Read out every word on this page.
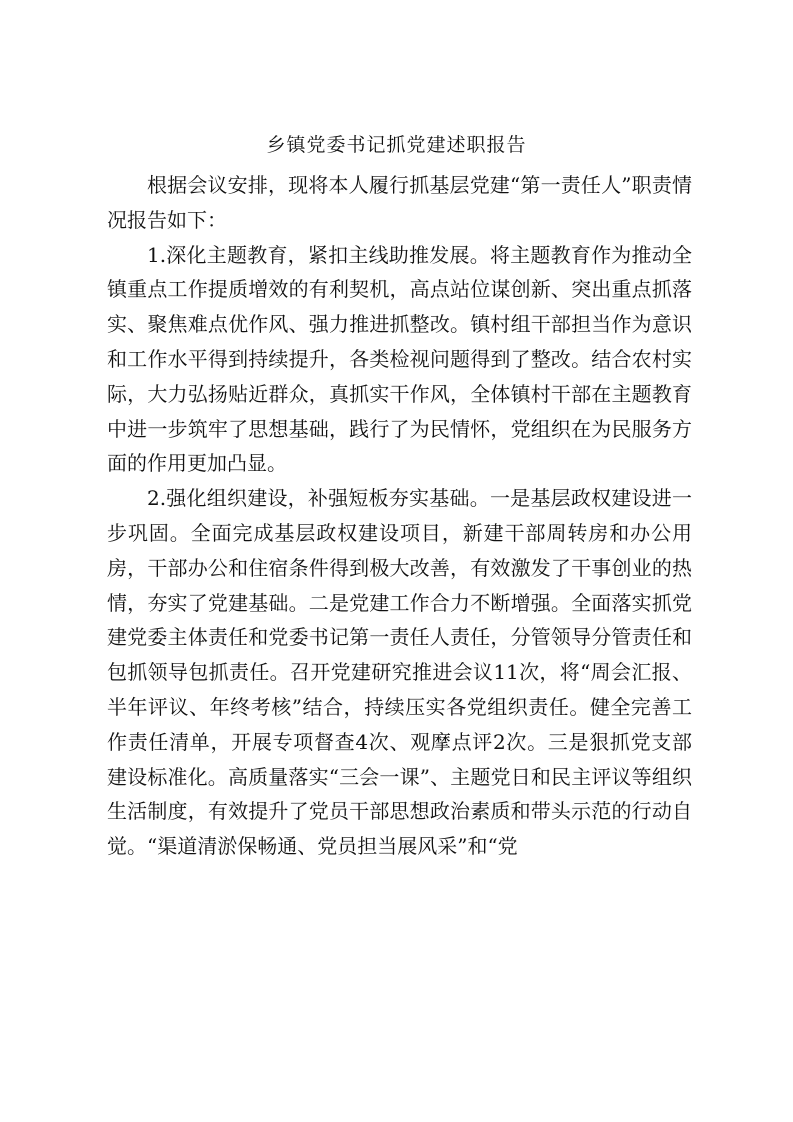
乡镇党委书记抓党建述职报告

根据会议安排，现将本人履行抓基层党建“第一责任人”职责情况报告如下：

1.深化主题教育，紧扣主线助推发展。将主题教育作为推动全镇重点工作提质增效的有利契机，高点站位谋创新、突出重点抓落实、聚焦难点优作风、强力推进抓整改。镇村组干部担当作为意识和工作水平得到持续提升，各类检视问题得到了整改。结合农村实际，大力弘扬贴近群众，真抓实干作风，全体镇村干部在主题教育中进一步筑牢了思想基础，践行了为民情怀，党组织在为民服务方面的作用更加凸显。

2.强化组织建设，补强短板夯实基础。一是基层政权建设进一步巩固。全面完成基层政权建设项目，新建干部周转房和办公用房，干部办公和住宿条件得到极大改善，有效激发了干事创业的热情，夯实了党建基础。二是党建工作合力不断增强。全面落实抓党建党委主体责任和党委书记第一责任人责任，分管领导分管责任和包抓领导包抓责任。召开党建研究推进会议11次，将“周会汇报、半年评议、年终考核”结合，持续压实各党组织责任。健全完善工作责任清单，开展专项督查4次、观摩点评2次。三是狠抓党支部建设标准化。高质量落实“三会一课”、主题党日和民主评议等组织生活制度，有效提升了党员干部思想政治素质和带头示范的行动自觉。“渠道清淤保畅通、党员担当展风采”和“党
